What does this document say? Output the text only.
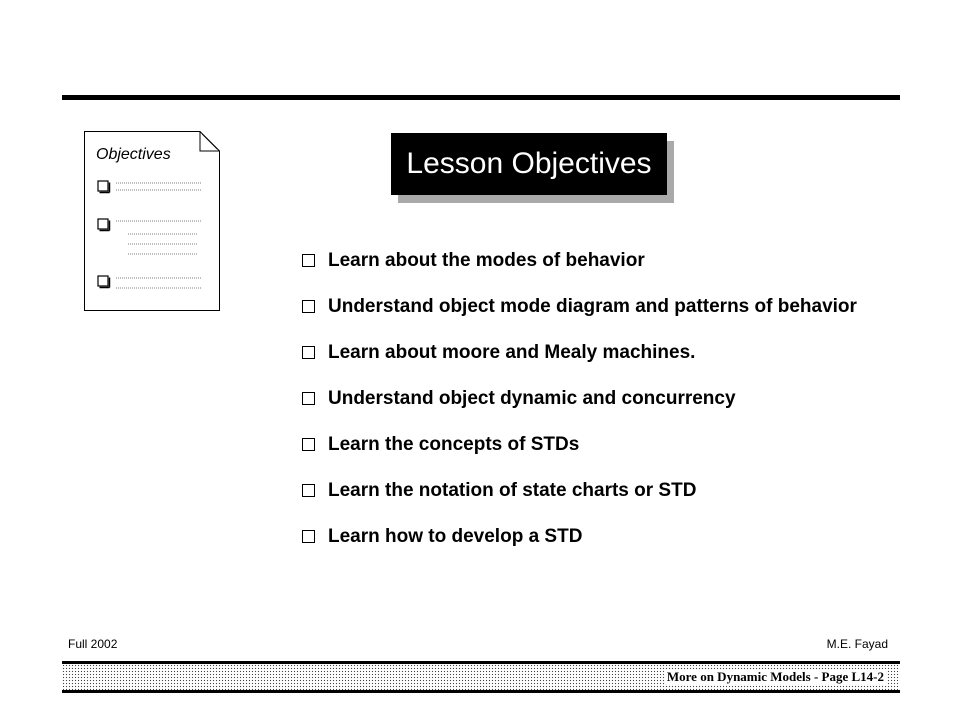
Objectives	Lesson Objectives
Learn about the modes of behavior
Understand object mode diagram and patterns of behavior
Learn about moore and Mealy machines.
Understand object dynamic and concurrency
Learn the concepts of STDs
Learn the notation of state charts or STD
Learn how to develop a STD
Full 2002	M.E. Fayad
More on Dynamic Models - Page L14-2
